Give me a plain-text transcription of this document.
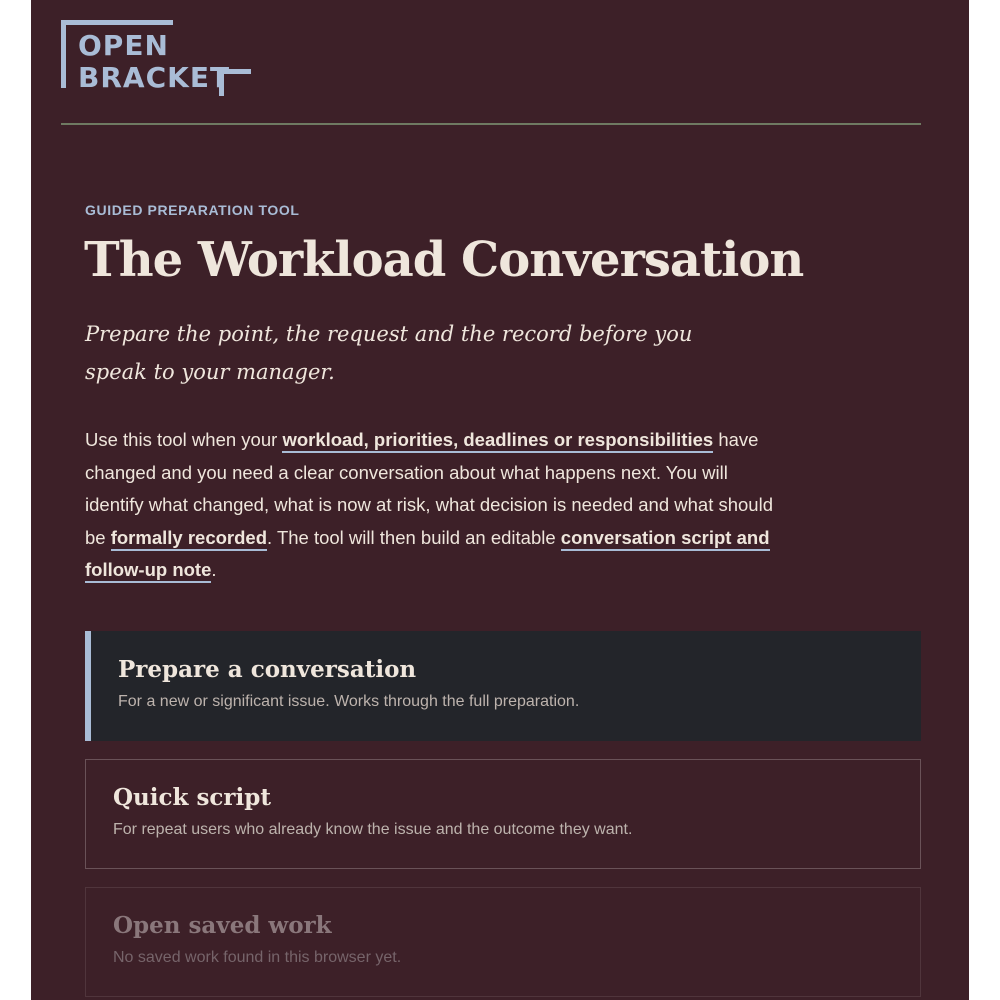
OPEN
BRACKET
GUIDED PREPARATION TOOL
The Workload Conversation
Prepare the point, the request and the record before you speak to your manager.
Use this tool when your workload, priorities, deadlines or responsibilities have changed and you need a clear conversation about what happens next. You will identify what changed, what is now at risk, what decision is needed and what should be formally recorded. The tool will then build an editable conversation script and follow-up note.
Prepare a conversation
For a new or significant issue. Works through the full preparation.
Quick script
For repeat users who already know the issue and the outcome they want.
Open saved work
No saved work found in this browser yet.
